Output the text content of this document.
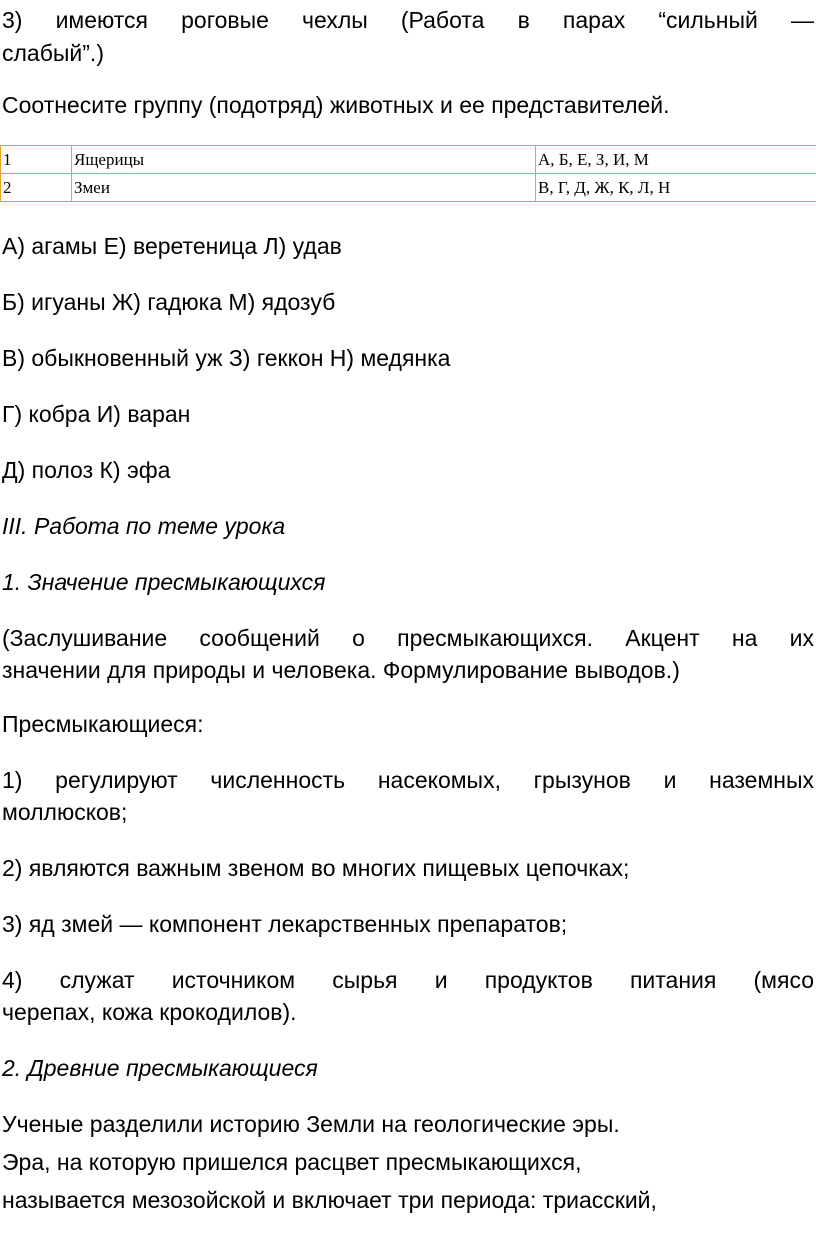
3) имеются роговые чехлы (Работа в парах “сильный —

слабый”.)

Соотнесите группу (подотряд) животных и ее представителей.

1	Ящерицы	А, Б, Е, З, И, М
2	Змеи	В, Г, Д, Ж, К, Л, Н

А) агамы Е) веретеница Л) удав

Б) игуаны Ж) гадюка М) ядозуб

В) обыкновенный уж З) геккон Н) медянка

Г) кобра И) варан

Д) полоз К) эфа

III. Работа по теме урока

1. Значение пресмыкающихся

(Заслушивание сообщений о пресмыкающихся. Акцент на их

значении для природы и человека. Формулирование выводов.)

Пресмыкающиеся:

1) регулируют численность насекомых, грызунов и наземных

моллюсков;

2) являются важным звеном во многих пищевых цепочках;

3) яд змей — компонент лекарственных препаратов;

4) служат источником сырья и продуктов питания (мясо

черепах, кожа крокодилов).

2. Древние пресмыкающиеся

Ученые разделили историю Земли на геологические эры.

Эра, на которую пришелся расцвет пресмыкающихся,

называется мезозойской и включает три периода: триасский,
